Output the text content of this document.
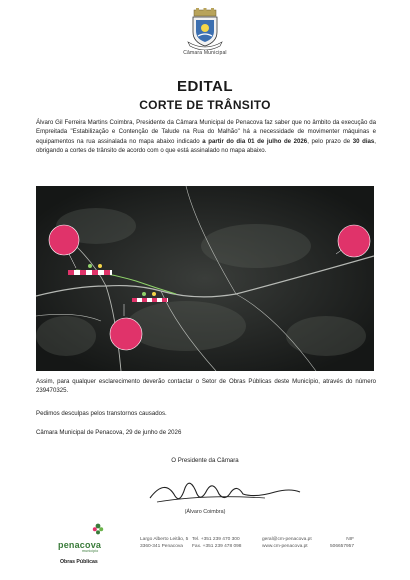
Câmara Municipal
EDITAL
CORTE DE TRÂNSITO
Álvaro Gil Ferreira Martins Coimbra, Presidente da Câmara Municipal de Penacova faz saber que no âmbito da execução da Empreitada "Estabilização e Contenção de Talude na Rua do Malhão" há a necessidade de movimenter máquinas e equipamentos na rua assinalada no mapa abaixo indicado a partir do dia 01 de julho de 2026, pelo prazo de 30 dias, obrigando a cortes de trânsito de acordo com o que está assinalado no mapa abaixo.
Assim, para qualquer esclarecimento deverão contactar o Setor de Obras Públicas deste Município, através do número 239470325.
Pedimos desculpas pelos transtornos causados.
Câmara Municipal de Penacova, 29 de junho de 2026
O Presidente da Câmara
(Álvaro Coimbra)
penacova
município
Obras Públicas
Largo Alberto Leitão, 5
3360-341 Penacova
Tel. +351 239 470 300
Fax. +351 239 478 098
geral@cm-penacova.pt
www.cm-penacova.pt
NIF
506657957
